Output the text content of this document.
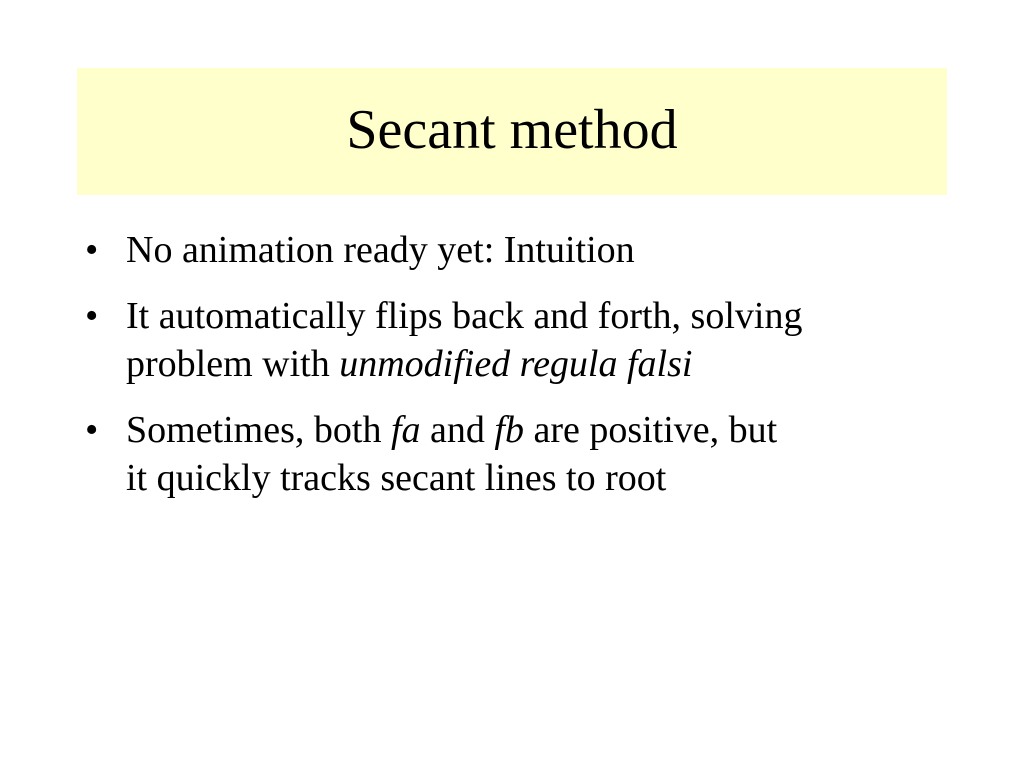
Secant method
• No animation ready yet: Intuition
• It automatically flips back and forth, solving
problem with unmodified regula falsi
• Sometimes, both fa and fb are positive, but
it quickly tracks secant lines to root
